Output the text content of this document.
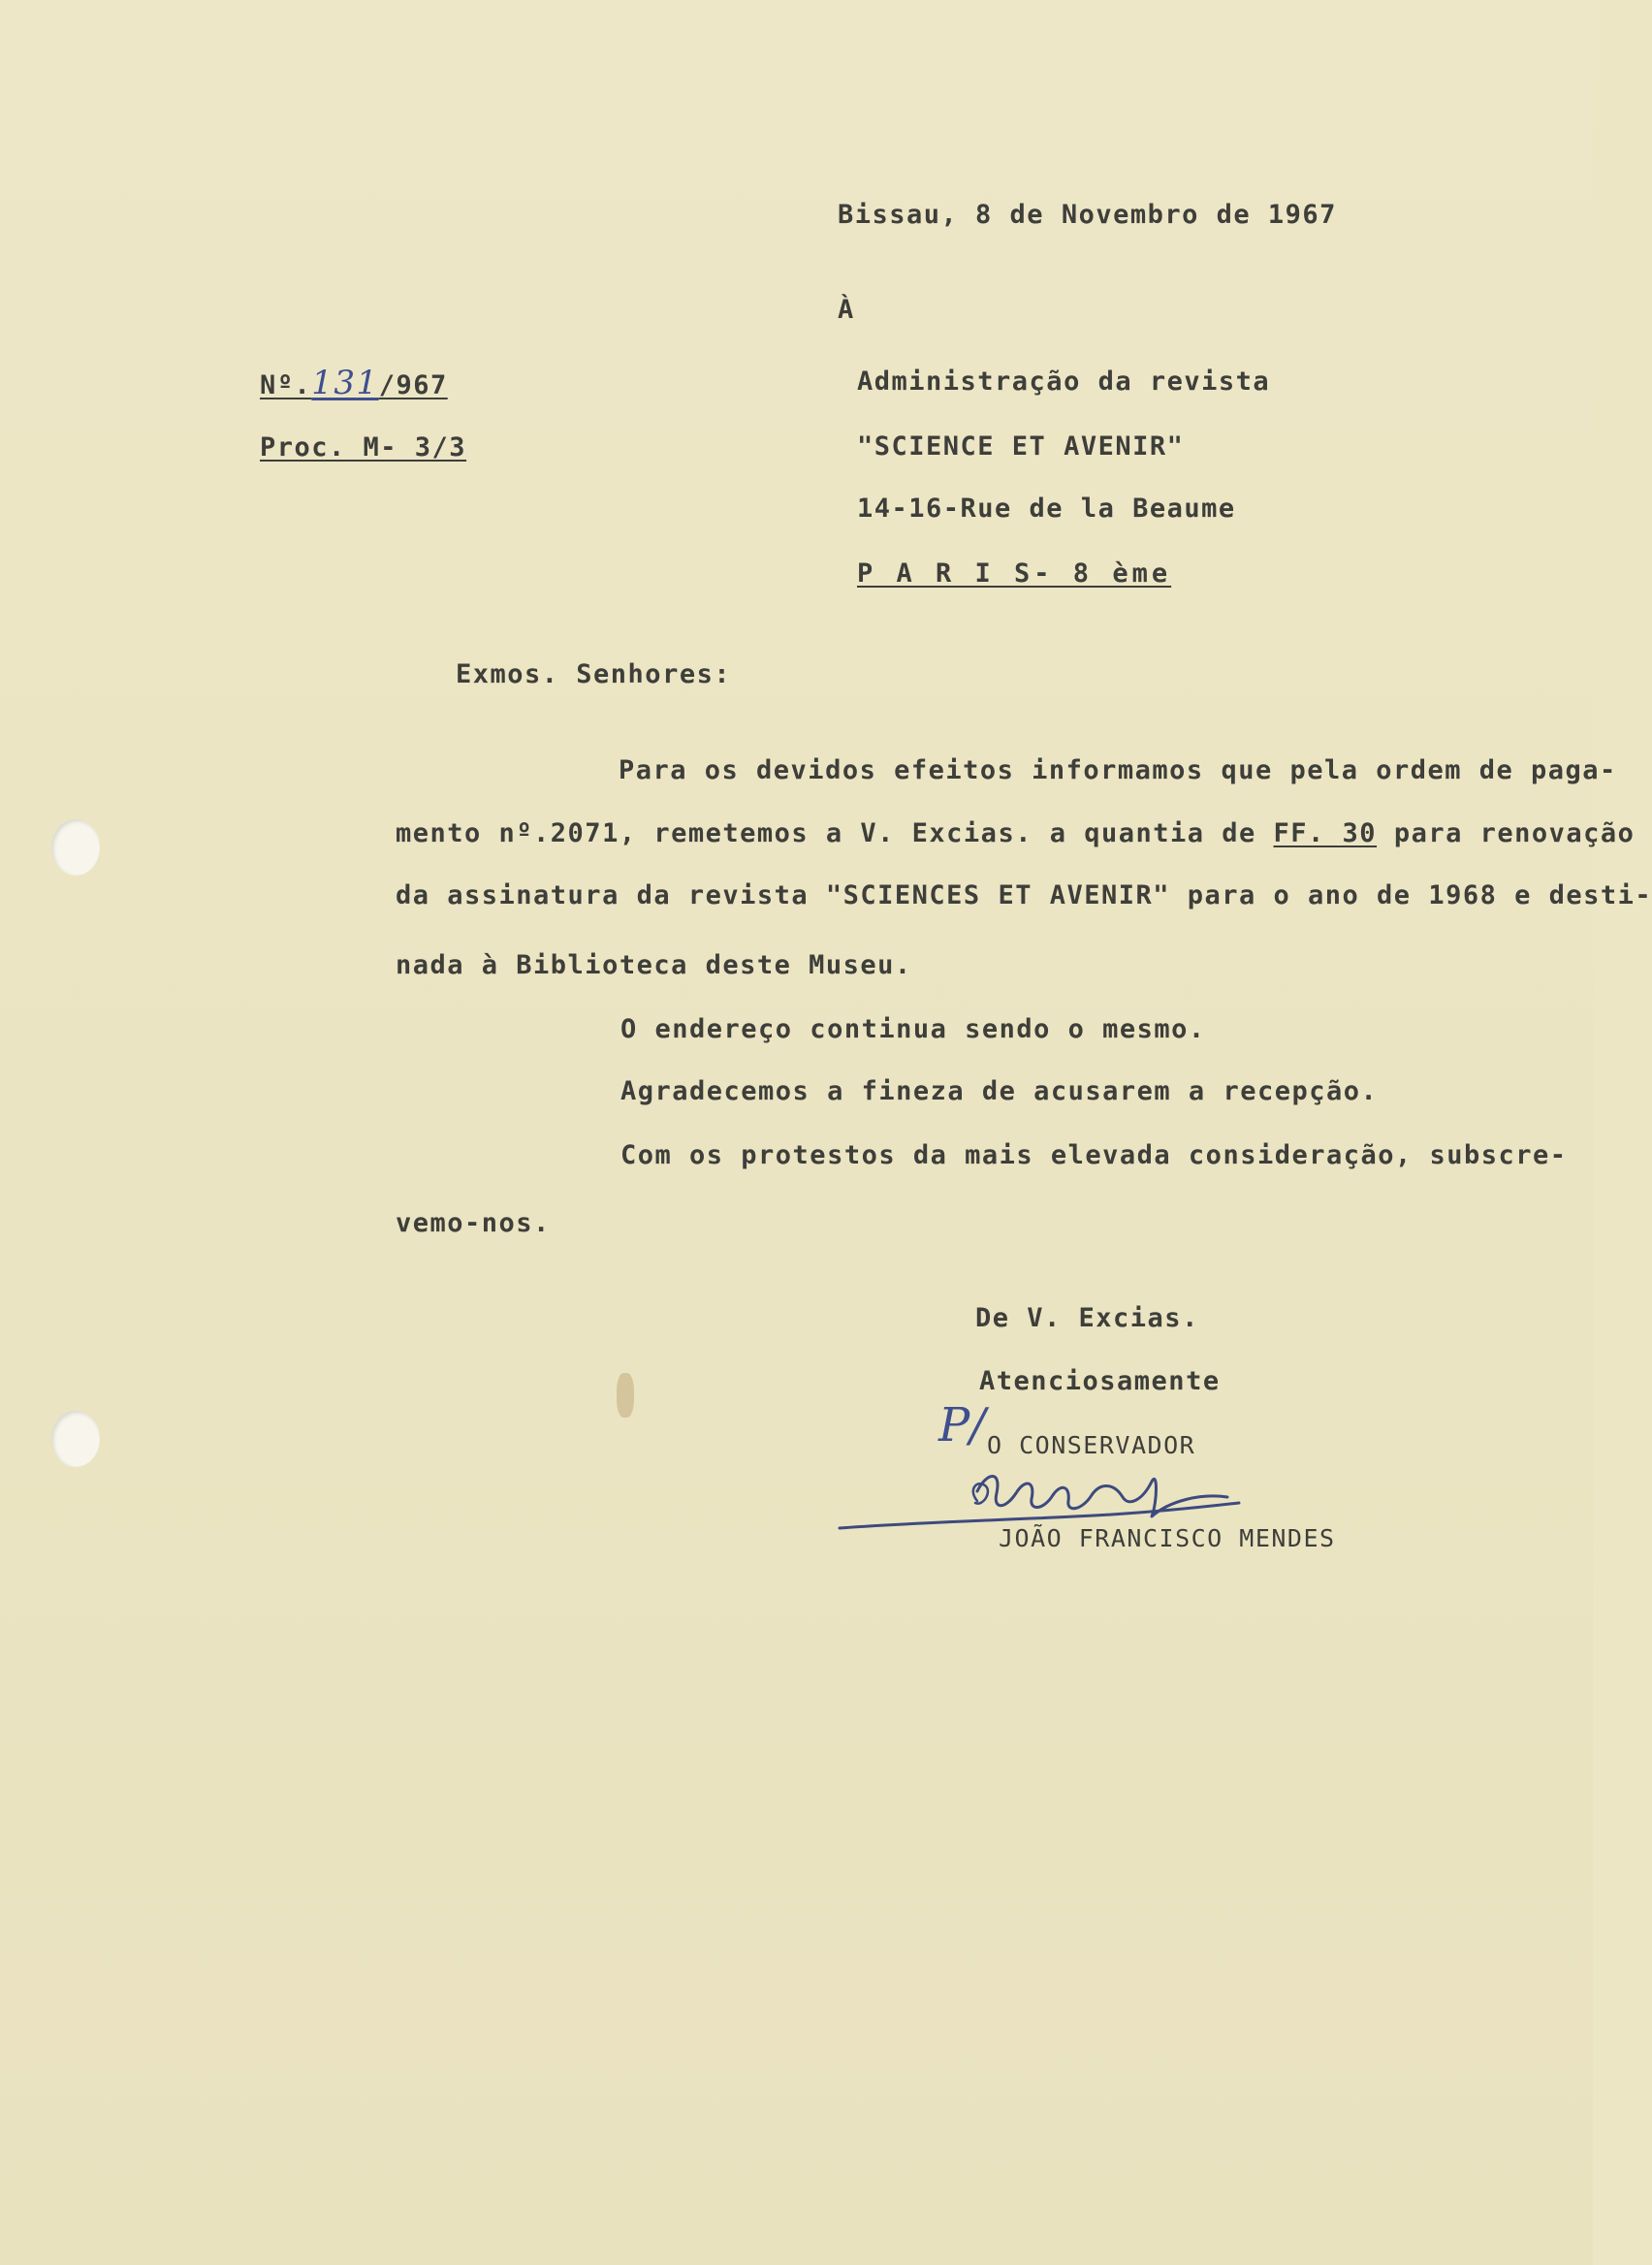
Bissau, 8 de Novembro de 1967
À
Nº.131/967
Proc. M- 3/3
Administração da revista
"SCIENCE ET AVENIR"
14-16-Rue de la Beaume
P A R I S- 8 ème
Exmos. Senhores:
Para os devidos efeitos informamos que pela ordem de paga-
mento nº.2071, remetemos a V. Excias. a quantia de FF. 30 para renovação
da assinatura da revista "SCIENCES ET AVENIR" para o ano de 1968 e desti-
nada à Biblioteca deste Museu.
O endereço continua sendo o mesmo.
Agradecemos a fineza de acusarem a recepção.
Com os protestos da mais elevada consideração, subscre-
vemo-nos.
De V. Excias.
Atenciosamente
P/ O CONSERVADOR
JOÃO FRANCISCO MENDES
